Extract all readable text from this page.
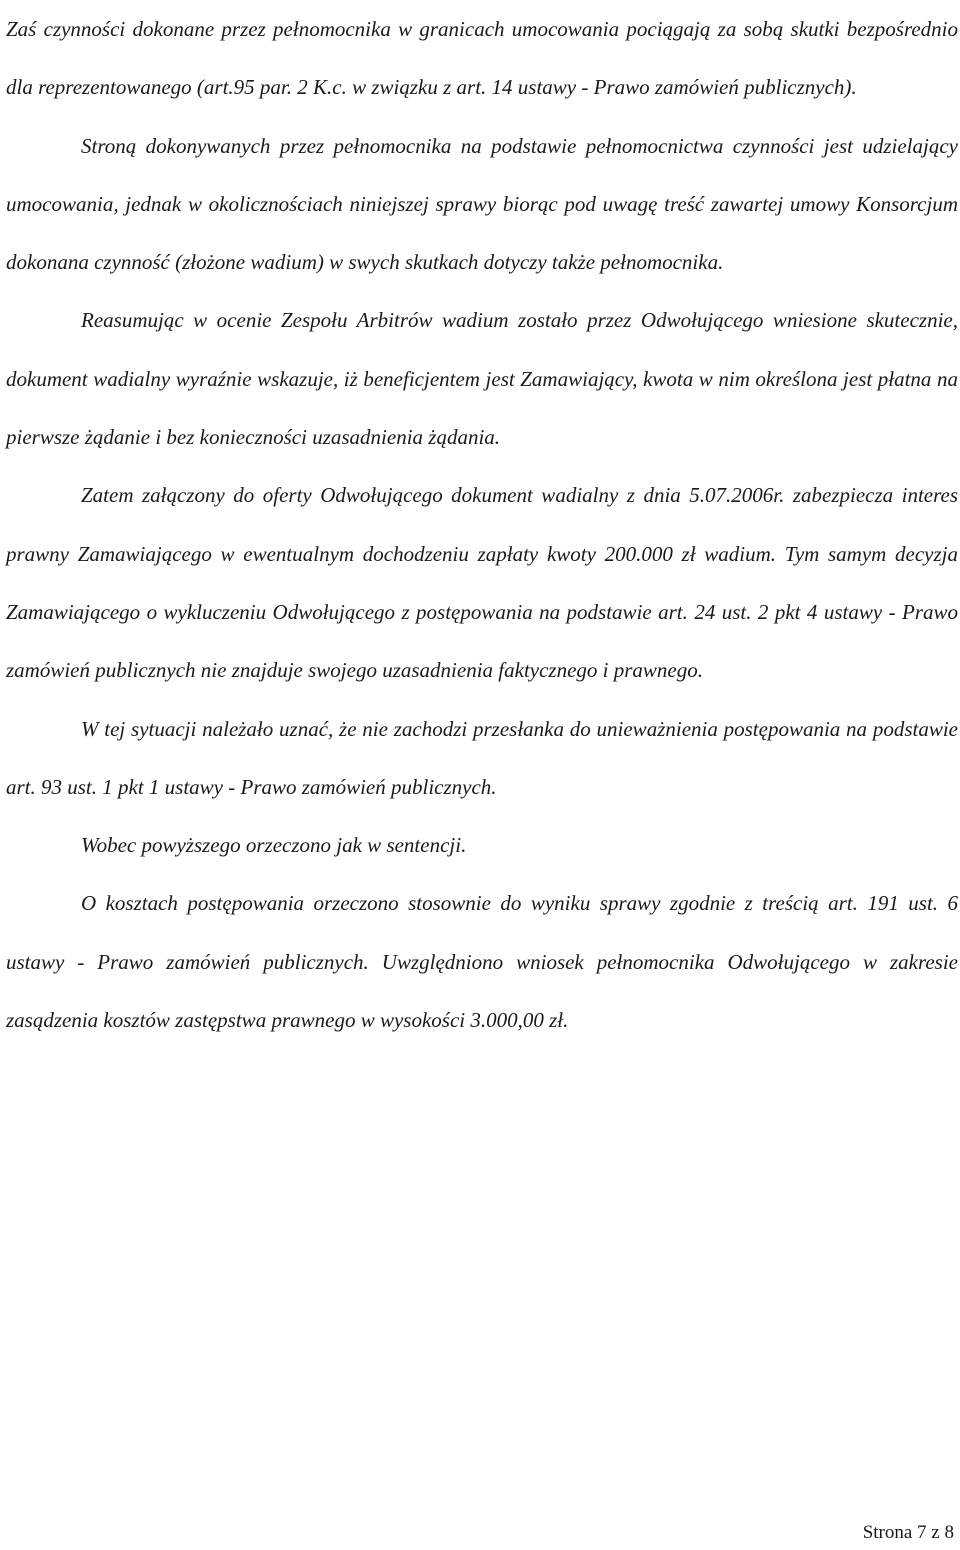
Zaś czynności dokonane przez pełnomocnika w granicach umocowania pociągają za sobą skutki bezpośrednio dla reprezentowanego (art.95 par. 2 K.c. w związku z art. 14 ustawy - Prawo zamówień publicznych).

Stroną dokonywanych przez pełnomocnika na podstawie pełnomocnictwa czynności jest udzielający umocowania, jednak w okolicznościach niniejszej sprawy biorąc pod uwagę treść zawartej umowy Konsorcjum dokonana czynność (złożone wadium) w swych skutkach dotyczy także pełnomocnika.

Reasumując w ocenie Zespołu Arbitrów wadium zostało przez Odwołującego wniesione skutecznie, dokument wadialny wyraźnie wskazuje, iż beneficjentem jest Zamawiający, kwota w nim określona jest płatna na pierwsze żądanie i bez konieczności uzasadnienia żądania.

Zatem załączony do oferty Odwołującego dokument wadialny z dnia 5.07.2006r. zabezpiecza interes prawny Zamawiającego w ewentualnym dochodzeniu zapłaty kwoty 200.000 zł wadium. Tym samym decyzja Zamawiającego o wykluczeniu Odwołującego z postępowania na podstawie art. 24 ust. 2 pkt 4 ustawy - Prawo zamówień publicznych nie znajduje swojego uzasadnienia faktycznego i prawnego.

W tej sytuacji należało uznać, że nie zachodzi przesłanka do unieważnienia postępowania na podstawie art. 93 ust. 1 pkt 1 ustawy - Prawo zamówień publicznych.

Wobec powyższego orzeczono jak w sentencji.

O kosztach postępowania orzeczono stosownie do wyniku sprawy zgodnie z treścią art. 191 ust. 6 ustawy - Prawo zamówień publicznych. Uwzględniono wniosek pełnomocnika Odwołującego w zakresie zasądzenia kosztów zastępstwa prawnego w wysokości 3.000,00 zł.

Strona 7 z 8
